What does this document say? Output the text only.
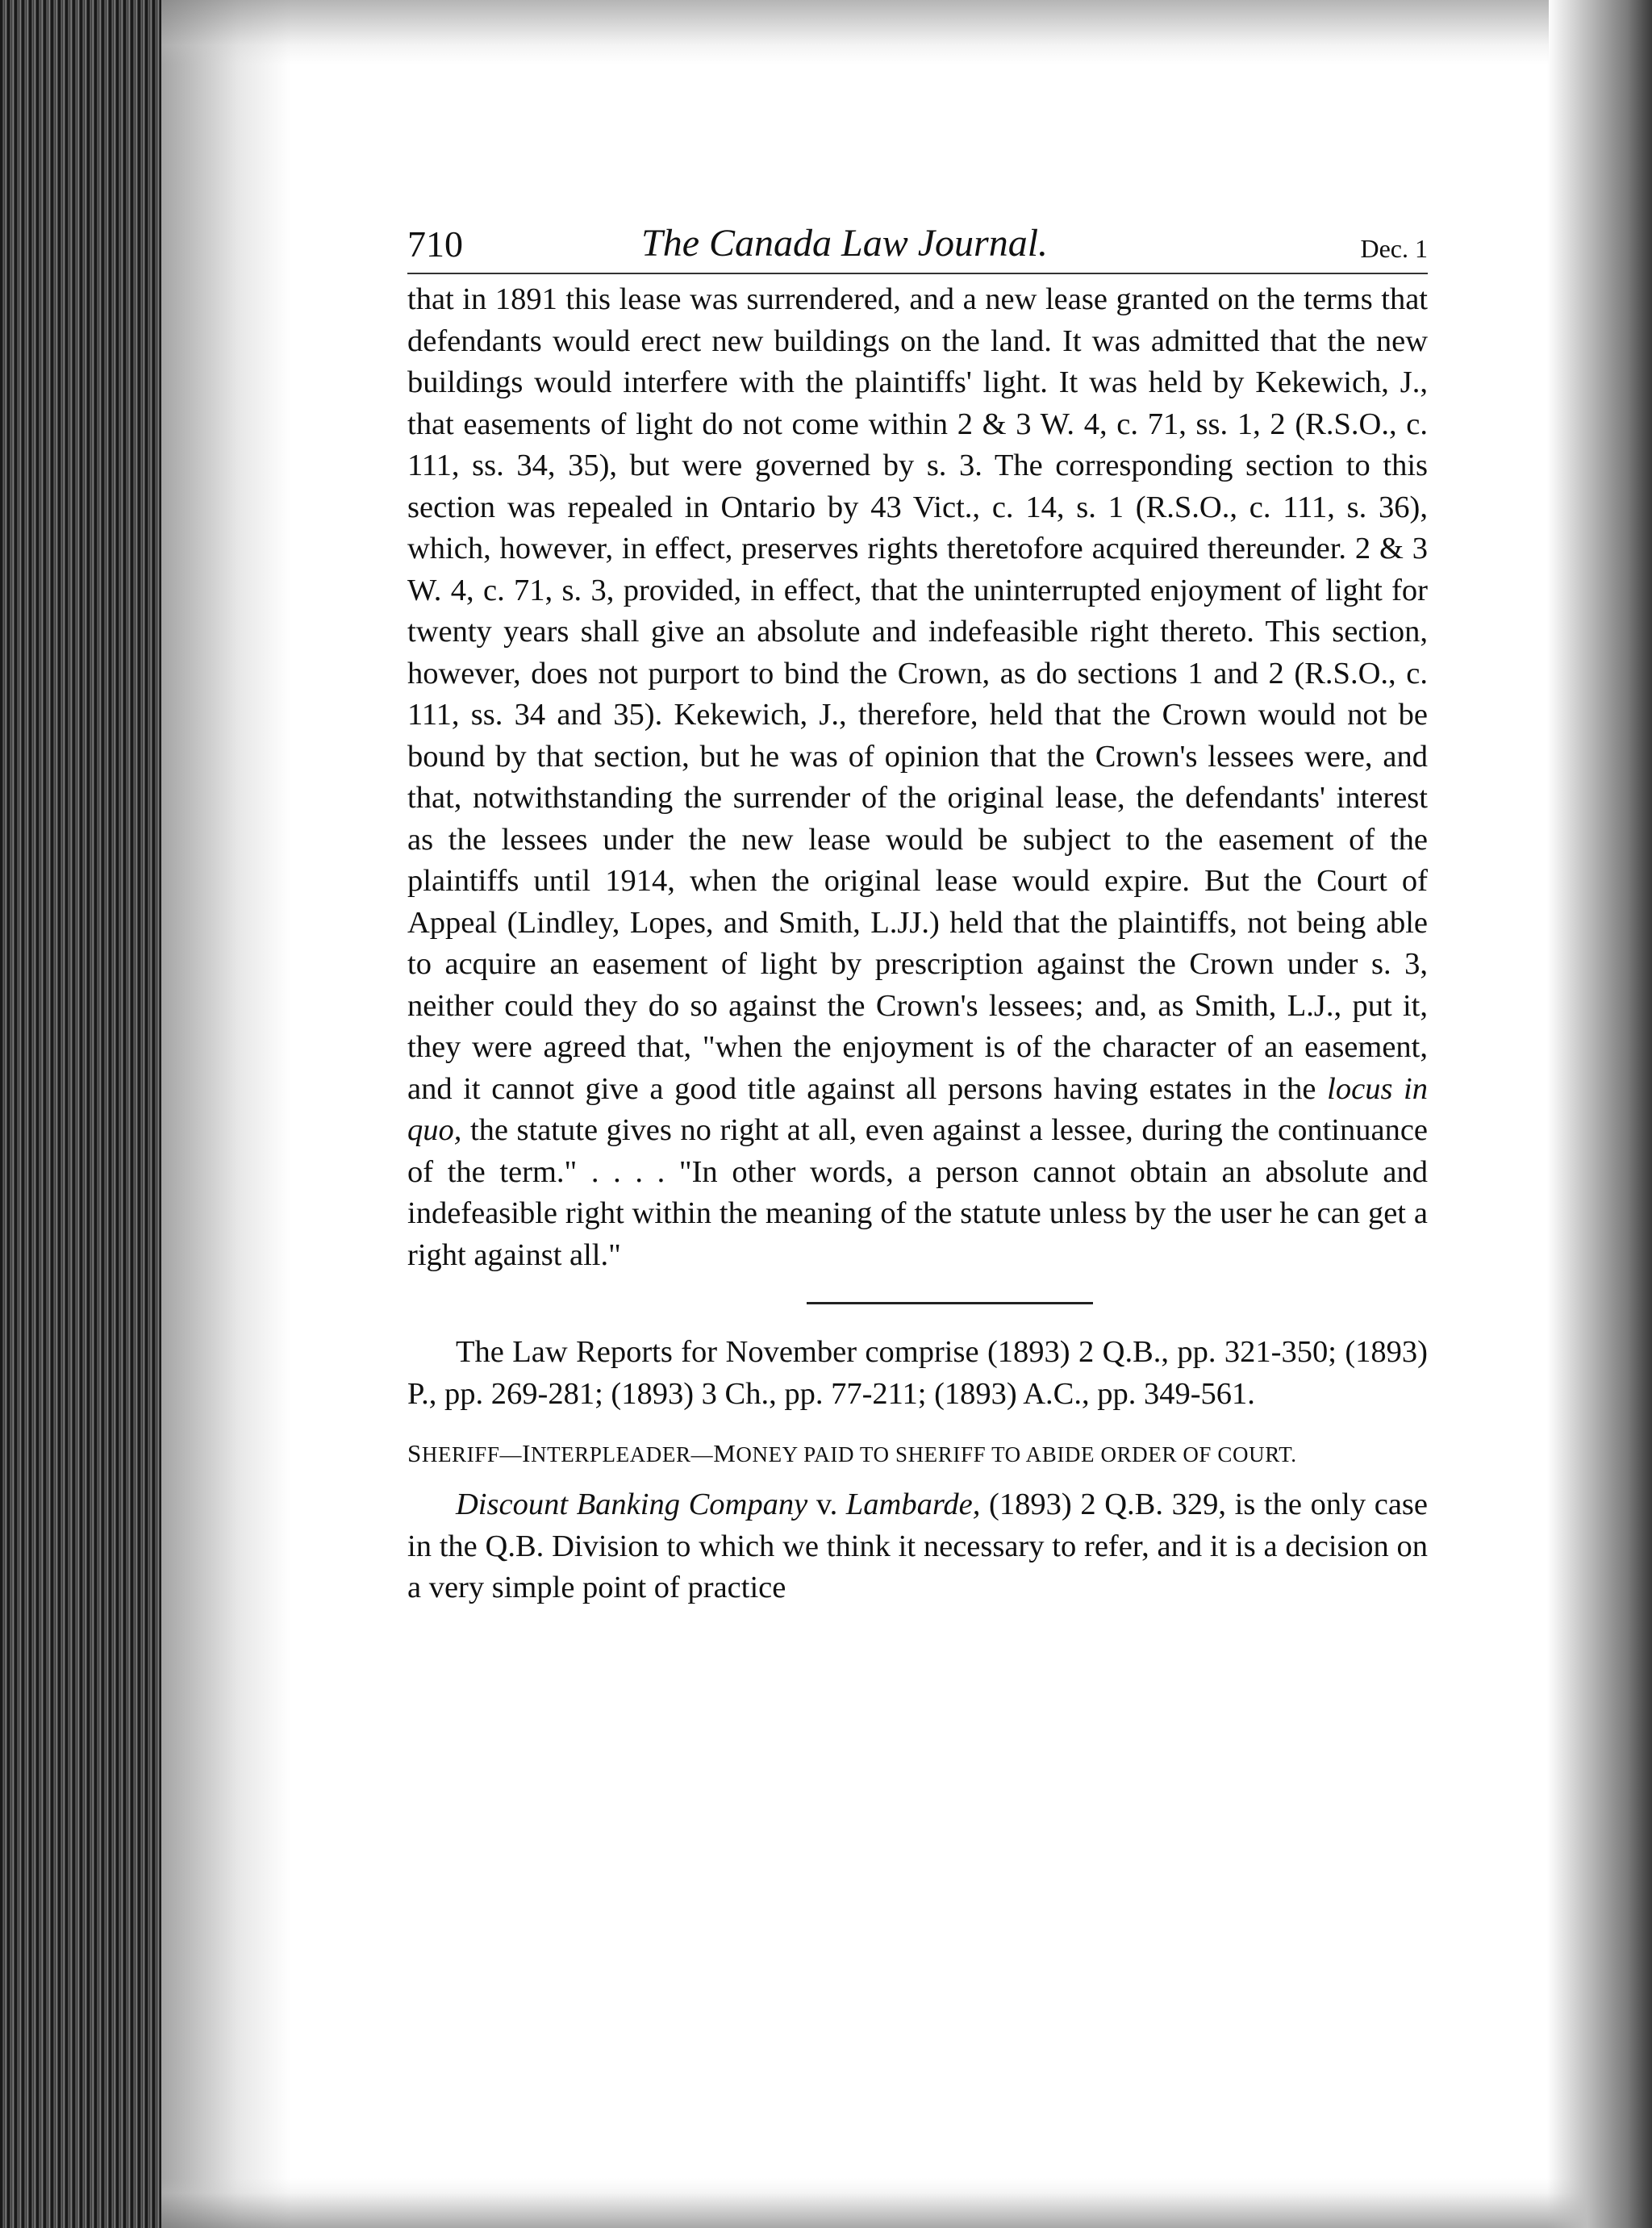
710	The Canada Law Journal.	Dec. 1

that in 1891 this lease was surrendered, and a new lease granted on the terms that defendants would erect new buildings on the land. It was admitted that the new buildings would interfere with the plaintiffs' light. It was held by Kekewich, J., that easements of light do not come within 2 & 3 W. 4, c. 71, ss. 1, 2 (R.S.O., c. 111, ss. 34, 35), but were governed by s. 3. The corresponding section to this section was repealed in Ontario by 43 Vict., c. 14, s. 1 (R.S.O., c. 111, s. 36), which, however, in effect, preserves rights theretofore acquired thereunder. 2 & 3 W. 4, c. 71, s. 3, provided, in effect, that the uninterrupted enjoyment of light for twenty years shall give an absolute and indefeasible right thereto. This section, however, does not purport to bind the Crown, as do sections 1 and 2 (R.S.O., c. 111, ss. 34 and 35). Kekewich, J., therefore, held that the Crown would not be bound by that section, but he was of opinion that the Crown's lessees were, and that, notwithstanding the surrender of the original lease, the defendants' interest as the lessees under the new lease would be subject to the easement of the plaintiffs until 1914, when the original lease would expire. But the Court of Appeal (Lindley, Lopes, and Smith, L.JJ.) held that the plaintiffs, not being able to acquire an easement of light by prescription against the Crown under s. 3, neither could they do so against the Crown's lessees; and, as Smith, L.J., put it, they were agreed that, "when the enjoyment is of the character of an easement, and it cannot give a good title against all persons having estates in the locus in quo, the statute gives no right at all, even against a lessee, during the continuance of the term." . . . . "In other words, a person cannot obtain an absolute and indefeasible right within the meaning of the statute unless by the user he can get a right against all."

The Law Reports for November comprise (1893) 2 Q.B., pp. 321-350; (1893) P., pp. 269-281; (1893) 3 Ch., pp. 77-211; (1893) A.C., pp. 349-561.

SHERIFF—INTERPLEADER—MONEY PAID TO SHERIFF TO ABIDE ORDER OF COURT.

Discount Banking Company v. Lambarde, (1893) 2 Q.B. 329, is the only case in the Q.B. Division to which we think it necessary to refer, and it is a decision on a very simple point of practice
